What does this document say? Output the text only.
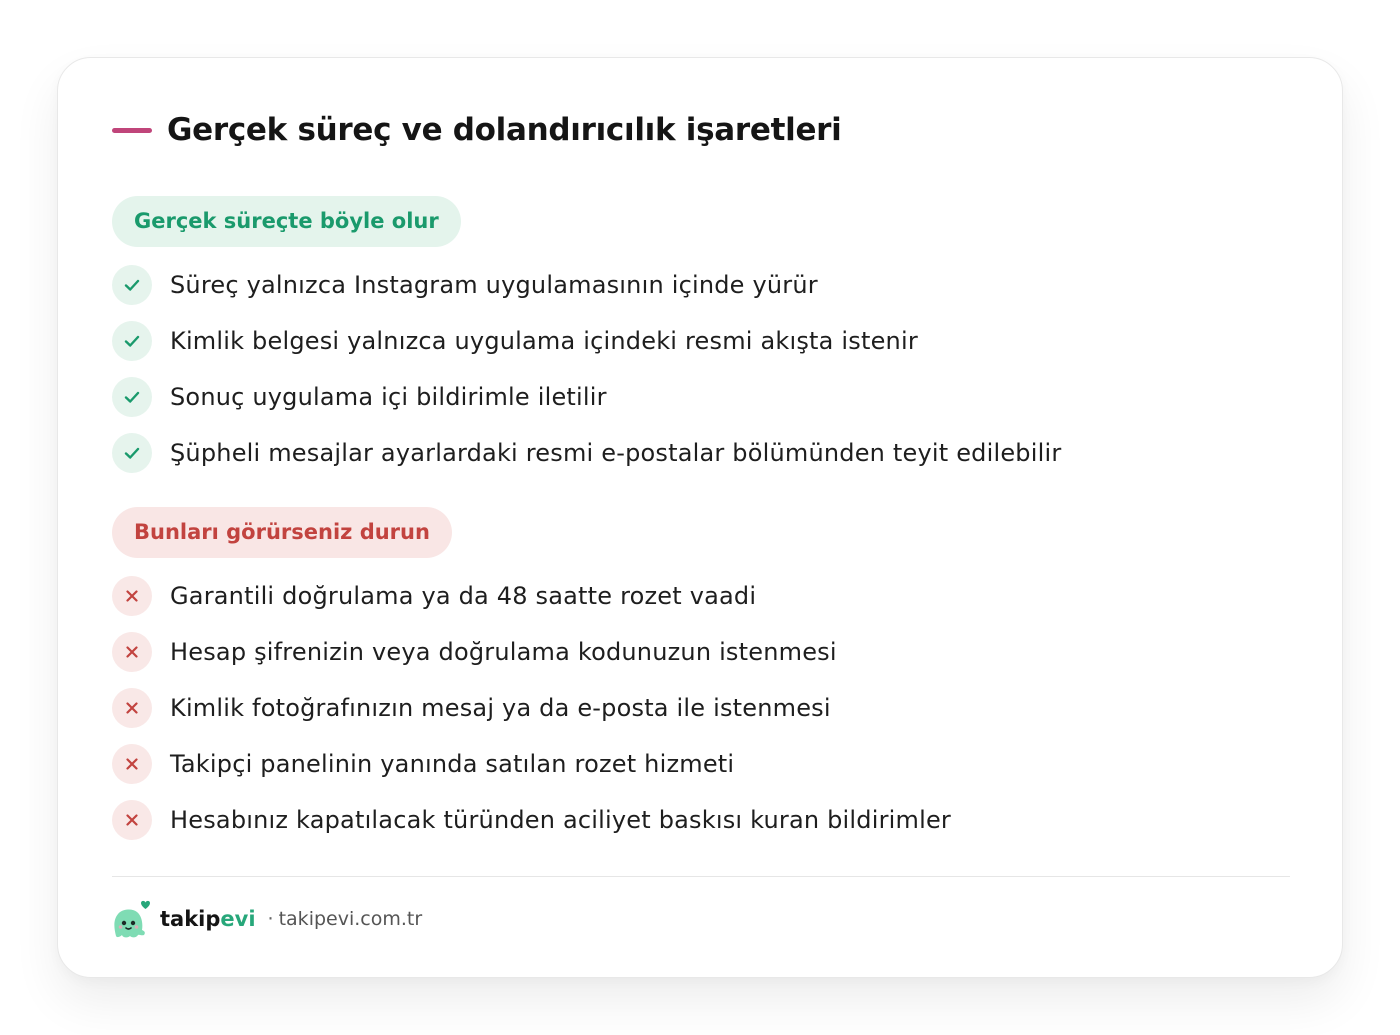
Gerçek süreç ve dolandırıcılık işaretleri
Gerçek süreçte böyle olur
Süreç yalnızca Instagram uygulamasının içinde yürür
Kimlik belgesi yalnızca uygulama içindeki resmi akışta istenir
Sonuç uygulama içi bildirimle iletilir
Şüpheli mesajlar ayarlardaki resmi e-postalar bölümünden teyit edilebilir
Bunları görürseniz durun
Garantili doğrulama ya da 48 saatte rozet vaadi
Hesap şifrenizin veya doğrulama kodunuzun istenmesi
Kimlik fotoğrafınızın mesaj ya da e-posta ile istenmesi
Takipçi panelinin yanında satılan rozet hizmeti
Hesabınız kapatılacak türünden aciliyet baskısı kuran bildirimler
takip evi · takipevi.com.tr
